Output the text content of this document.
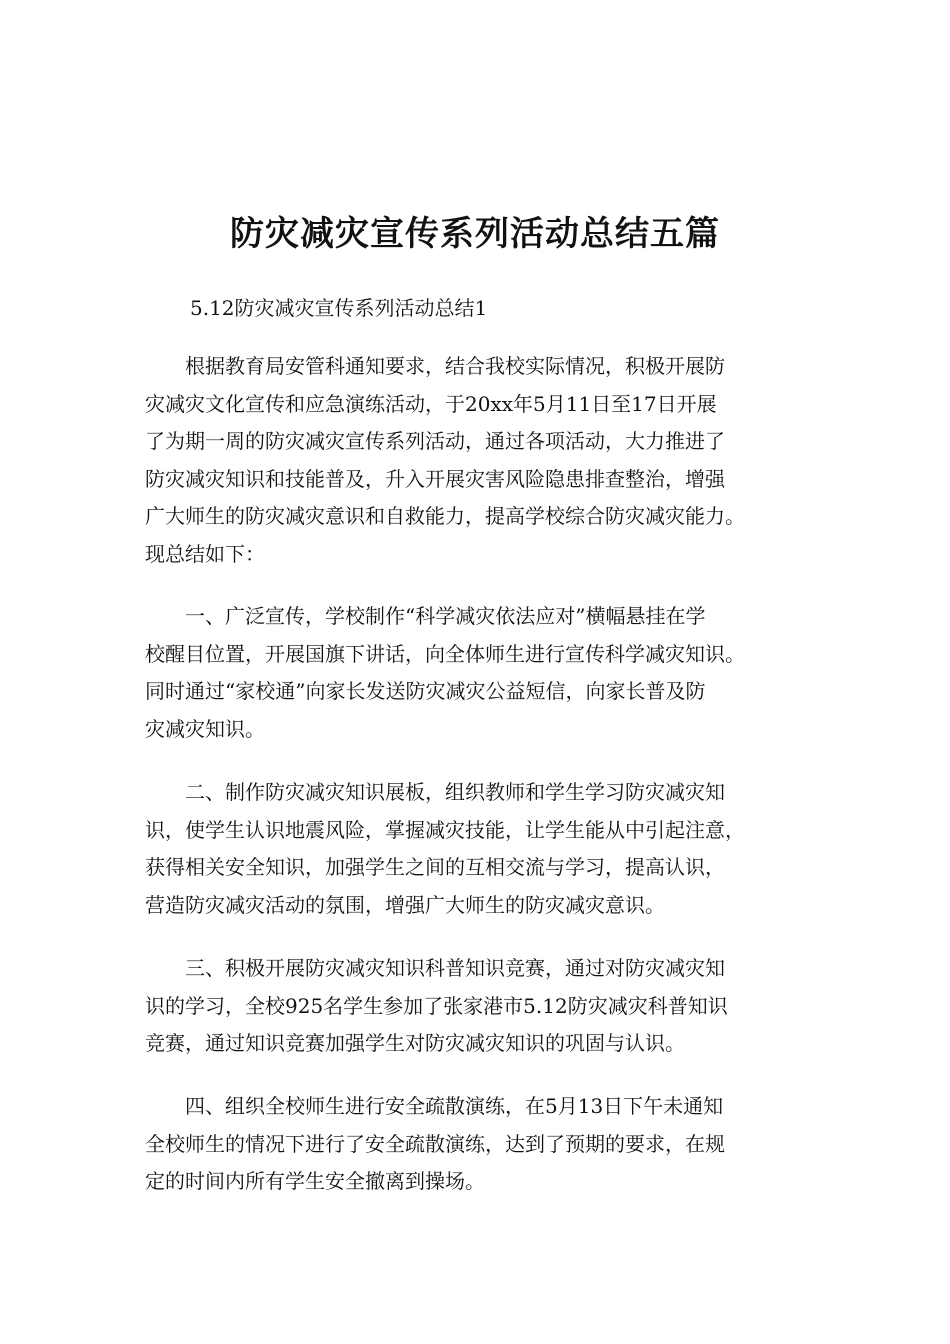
防灾减灾宣传系列活动总结五篇
5.12防灾减灾宣传系列活动总结1
　　根据教育局安管科通知要求，结合我校实际情况，积极开展防
灾减灾文化宣传和应急演练活动，于20xx年5月11日至17日开展
了为期一周的防灾减灾宣传系列活动，通过各项活动，大力推进了
防灾减灾知识和技能普及，升入开展灾害风险隐患排查整治，增强
广大师生的防灾减灾意识和自救能力，提高学校综合防灾减灾能力。
现总结如下：
　　一、广泛宣传，学校制作“科学减灾依法应对”横幅悬挂在学
校醒目位置，开展国旗下讲话，向全体师生进行宣传科学减灾知识。
同时通过“家校通”向家长发送防灾减灾公益短信，向家长普及防
灾减灾知识。
　　二、制作防灾减灾知识展板，组织教师和学生学习防灾减灾知
识，使学生认识地震风险，掌握减灾技能，让学生能从中引起注意，
获得相关安全知识，加强学生之间的互相交流与学习，提高认识，
营造防灾减灾活动的氛围，增强广大师生的防灾减灾意识。
　　三、积极开展防灾减灾知识科普知识竞赛，通过对防灾减灾知
识的学习，全校925名学生参加了张家港市5.12防灾减灾科普知识
竞赛，通过知识竞赛加强学生对防灾减灾知识的巩固与认识。
　　四、组织全校师生进行安全疏散演练，在5月13日下午未通知
全校师生的情况下进行了安全疏散演练，达到了预期的要求，在规
定的时间内所有学生安全撤离到操场。
